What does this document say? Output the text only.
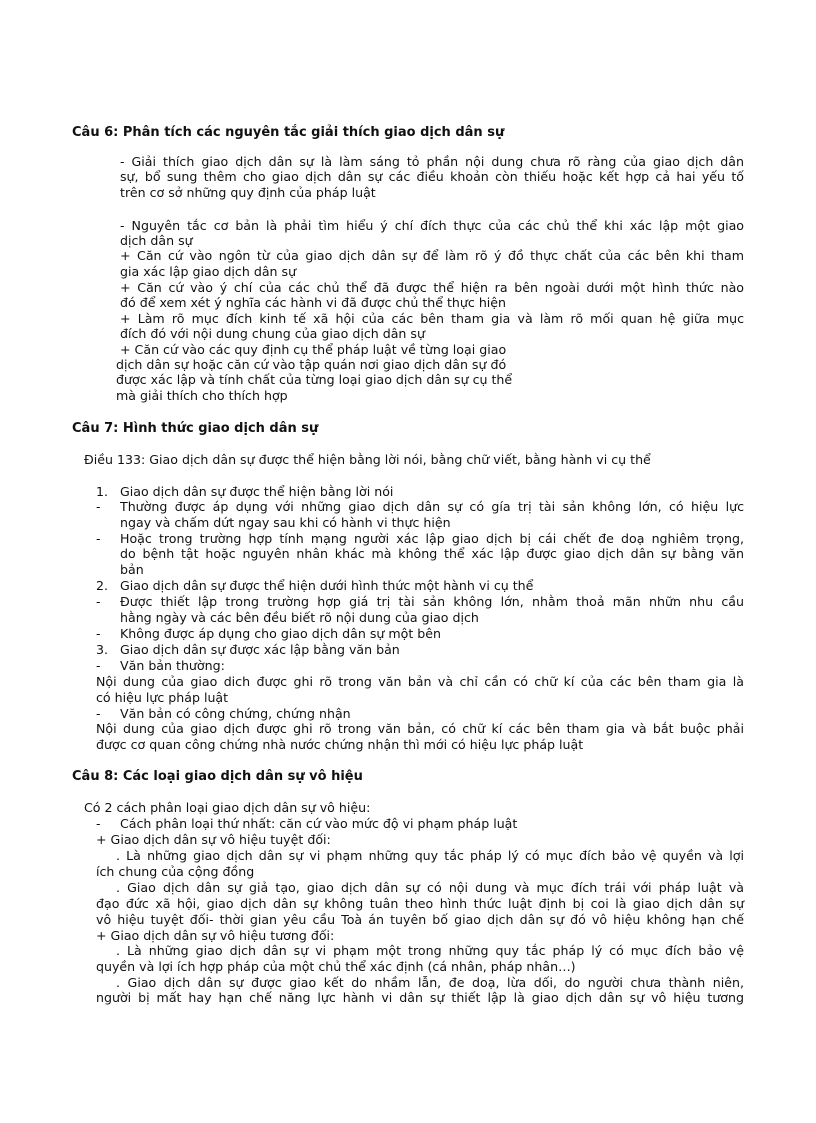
Câu 6: Phân tích các nguyên tắc giải thích giao dịch dân sự
- Giải thích giao dịch dân sự là làm sáng tỏ phần nội dung chưa rõ ràng của giao dịch dân
sự, bổ sung thêm cho giao dịch dân sự các điều khoản còn thiếu hoặc kết hợp cả hai yếu tố
trên cơ sở những quy định của pháp luật
- Nguyên tắc cơ bản là phải tìm hiểu ý chí đích thực của các chủ thể khi xác lập một giao
dịch dân sự
+ Căn cứ vào ngôn từ của giao dịch dân sự để làm rõ ý đồ thực chất của các bên khi tham
gia xác lập giao dịch dân sự
+ Căn cứ vào ý chí của các chủ thể đã được thể hiện ra bên ngoài dưới một hình thức nào
đó để xem xét ý nghĩa các hành vi đã được chủ thể thực hiện
+ Làm rõ mục đích kinh tế xã hội của các bên tham gia và làm rõ mối quan hệ giữa mục
đích đó với nội dung chung của giao dịch dân sự
+ Căn cứ vào các quy định cụ thể pháp luật về từng loại giao
dịch dân sự hoặc căn cứ vào tập quán nơi giao dịch dân sự đó
được xác lập và tính chất của từng loại giao dịch dân sự cụ thể
mà giải thích cho thích hợp
Câu 7: Hình thức giao dịch dân sự
Điều 133: Giao dịch dân sự được thể hiện bằng lời nói, bằng chữ viết, bằng hành vi cụ thể
1. Giao dịch dân sự được thể hiện bằng lời nói
- Thường được áp dụng với những giao dịch dân sự có gía trị tài sản không lớn, có hiệu lực
ngay và chấm dứt ngay sau khi có hành vi thực hiện
- Hoặc trong trường hợp tính mạng người xác lập giao dịch bị cái chết đe doạ nghiêm trọng,
do bệnh tật hoặc nguyên nhân khác mà không thể xác lập được giao dịch dân sự bằng văn
bản
2. Giao dịch dân sự được thể hiện dưới hình thức một hành vi cụ thể
- Được thiết lập trong trường hợp giá trị tài sản không lớn, nhằm thoả mãn nhữn nhu cầu
hằng ngày và các bên đều biết rõ nội dung của giao dịch
- Không được áp dụng cho giao dịch dân sự một bên
3. Giao dịch dân sự được xác lập bằng văn bản
- Văn bản thường:
Nội dung của giao dich được ghi rõ trong văn bản và chỉ cần có chữ kí của các bên tham gia là
có hiệu lực pháp luật
- Văn bản có công chứng, chứng nhận
Nội dung của giao dịch được ghi rõ trong văn bản, có chữ kí các bên tham gia và bắt buộc phải
được cơ quan công chứng nhà nước chứng nhận thì mới có hiệu lực pháp luật
Câu 8: Các loại giao dịch dân sự vô hiệu
Có 2 cách phân loại giao dịch dân sự vô hiệu:
- Cách phân loại thứ nhất: căn cứ vào mức độ vi phạm pháp luật
+ Giao dịch dân sự vô hiệu tuyệt đối:
. Là những giao dịch dân sự vi phạm những quy tắc pháp lý có mục đích bảo vệ quyền và lợi
ích chung của cộng đồng
. Giao dịch dân sự giả tạo, giao dịch dân sự có nội dung và mục đích trái với pháp luật và
đạo đức xã hội, giao dịch dân sự không tuân theo hình thức luật định bị coi là giao dịch dân sự
vô hiệu tuyệt đối- thời gian yêu cầu Toà án tuyên bố giao dịch dân sự đó vô hiệu không hạn chế
+ Giao dịch dân sự vô hiệu tương đối:
. Là những giao dịch dân sự vi phạm một trong những quy tắc pháp lý có mục đích bảo vệ
quyền và lợi ích hợp pháp của một chủ thể xác định (cá nhân, pháp nhân…)
. Giao dịch dân sự được giao kết do nhầm lẫn, đe doạ, lừa dối, do người chưa thành niên,
người bị mất hay hạn chế năng lực hành vi dân sự thiết lập là giao dịch dân sự vô hiệu tương
